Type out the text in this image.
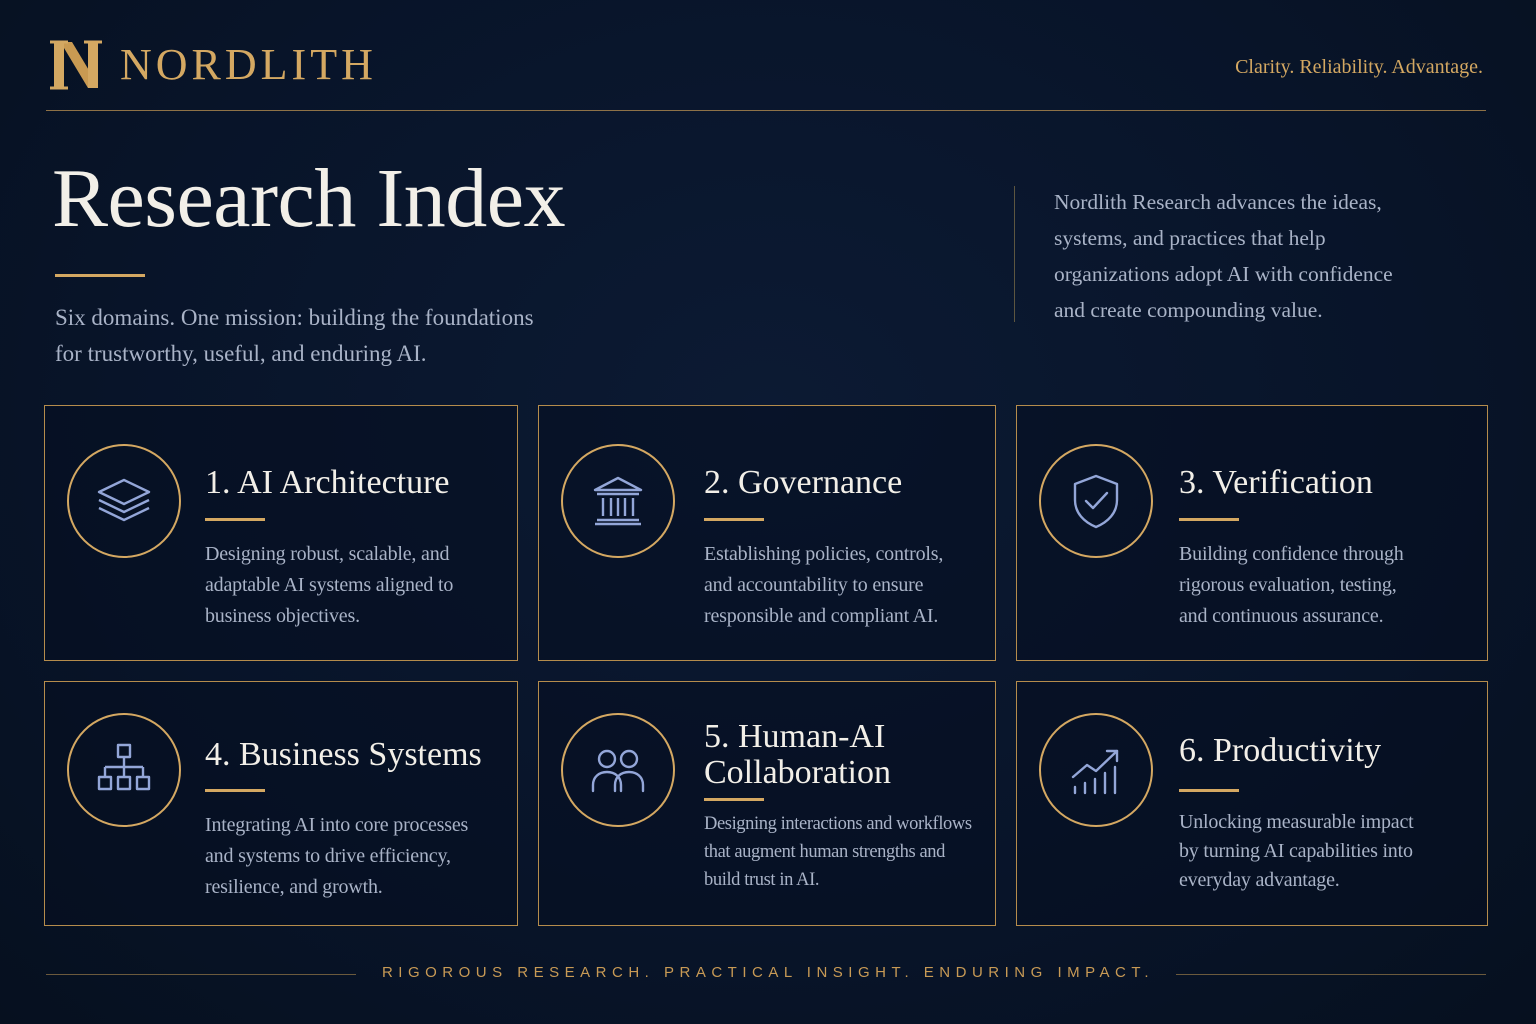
NORDLITH	Clarity. Reliability. Advantage.
Research Index
Six domains. One mission: building the foundations
for trustworthy, useful, and enduring AI.
Nordlith Research advances the ideas,
systems, and practices that help
organizations adopt AI with confidence
and create compounding value.
1. AI Architecture
Designing robust, scalable, and
adaptable AI systems aligned to
business objectives.
2. Governance
Establishing policies, controls,
and accountability to ensure
responsible and compliant AI.
3. Verification
Building confidence through
rigorous evaluation, testing,
and continuous assurance.
4. Business Systems
Integrating AI into core processes
and systems to drive efficiency,
resilience, and growth.
5. Human-AI
Collaboration
Designing interactions and workflows
that augment human strengths and
build trust in AI.
6. Productivity
Unlocking measurable impact
by turning AI capabilities into
everyday advantage.
RIGOROUS RESEARCH. PRACTICAL INSIGHT. ENDURING IMPACT.
